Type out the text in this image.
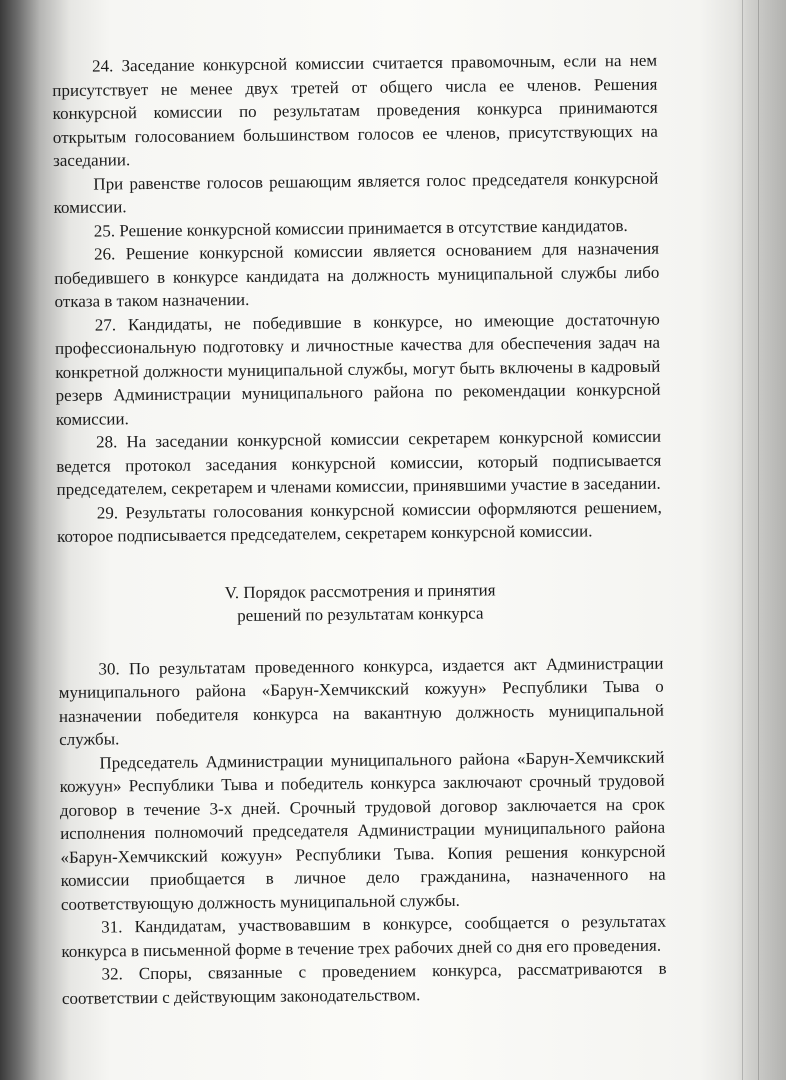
24. Заседание конкурсной комиссии считается правомочным, если на нем присутствует не менее двух третей от общего числа ее членов. Решения конкурсной комиссии по результатам проведения конкурса принимаются открытым голосованием большинством голосов ее членов, присутствующих на заседании.

При равенстве голосов решающим является голос председателя конкурсной комиссии.

25. Решение конкурсной комиссии принимается в отсутствие кандидатов.

26. Решение конкурсной комиссии является основанием для назначения победившего в конкурсе кандидата на должность муниципальной службы либо отказа в таком назначении.

27. Кандидаты, не победившие в конкурсе, но имеющие достаточную профессиональную подготовку и личностные качества для обеспечения задач на конкретной должности муниципальной службы, могут быть включены в кадровый резерв Администрации муниципального района по рекомендации конкурсной комиссии.

28. На заседании конкурсной комиссии секретарем конкурсной комиссии ведется протокол заседания конкурсной комиссии, который подписывается председателем, секретарем и членами комиссии, принявшими участие в заседании.

29. Результаты голосования конкурсной комиссии оформляются решением, которое подписывается председателем, секретарем конкурсной комиссии.

V. Порядок рассмотрения и принятия
решений по результатам конкурса

30. По результатам проведенного конкурса, издается акт Администрации муниципального района «Барун-Хемчикский кожуун» Республики Тыва о назначении победителя конкурса на вакантную должность муниципальной службы.

Председатель Администрации муниципального района «Барун-Хемчикский кожуун» Республики Тыва и победитель конкурса заключают срочный трудовой договор в течение 3-х дней. Срочный трудовой договор заключается на срок исполнения полномочий председателя Администрации муниципального района «Барун-Хемчикский кожуун» Республики Тыва. Копия решения конкурсной комиссии приобщается в личное дело гражданина, назначенного на соответствующую должность муниципальной службы.

31. Кандидатам, участвовавшим в конкурсе, сообщается о результатах конкурса в письменной форме в течение трех рабочих дней со дня его проведения.

32. Споры, связанные с проведением конкурса, рассматриваются в соответствии с действующим законодательством.
